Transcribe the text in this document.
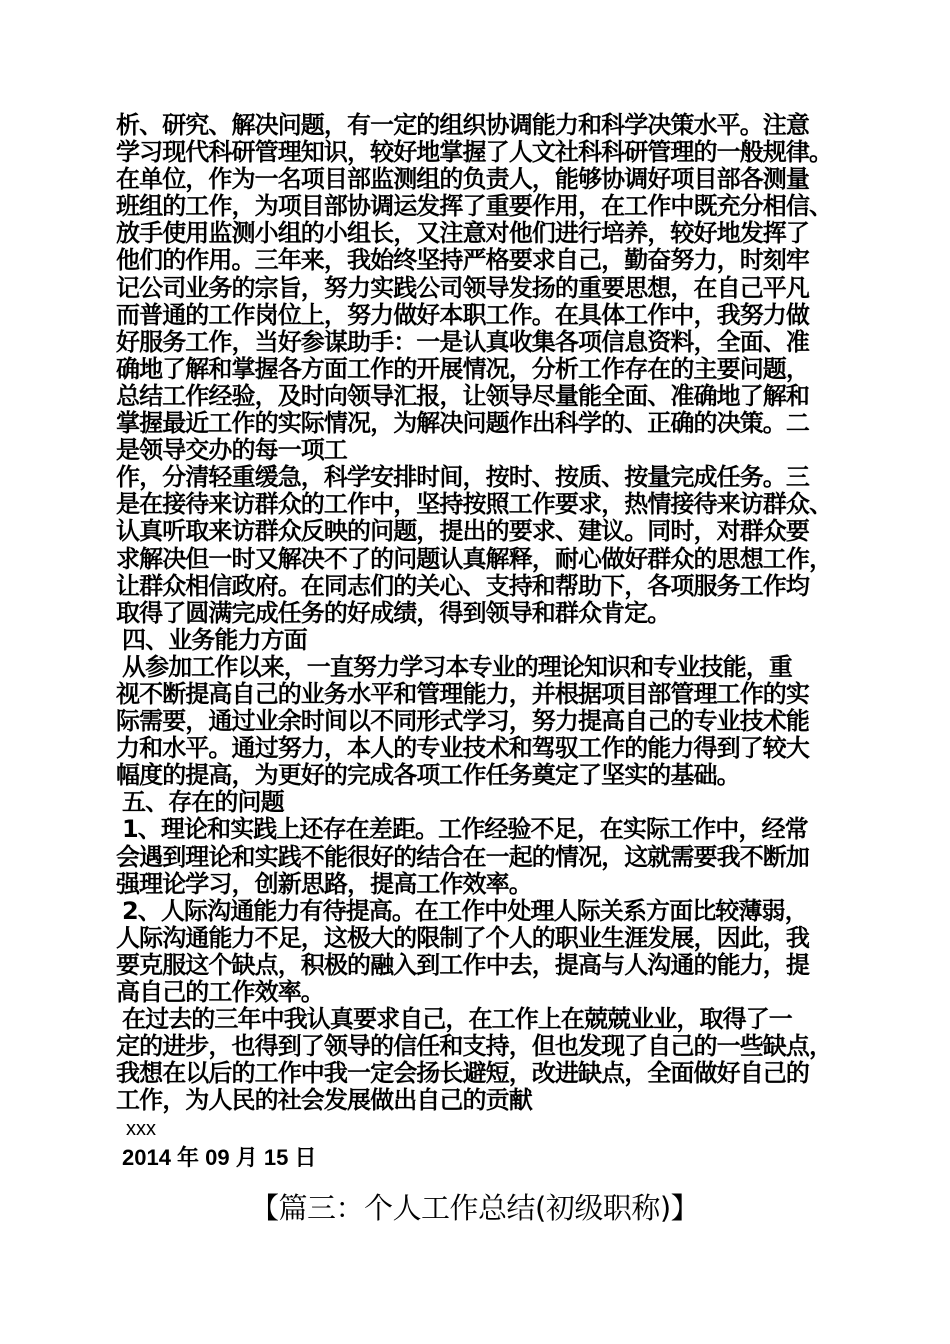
析、研究、解决问题，有一定的组织协调能力和科学决策水平。注意

学习现代科研管理知识，较好地掌握了人文社科科研管理的一般规律。

在单位，作为一名项目部监测组的负责人，能够协调好项目部各测量

班组的工作，为项目部协调运发挥了重要作用，在工作中既充分相信、

放手使用监测小组的小组长，又注意对他们进行培养，较好地发挥了

他们的作用。三年来，我始终坚持严格要求自己，勤奋努力，时刻牢

记公司业务的宗旨，努力实践公司领导发扬的重要思想，在自己平凡

而普通的工作岗位上，努力做好本职工作。在具体工作中，我努力做

好服务工作，当好参谋助手：一是认真收集各项信息资料，全面、准

确地了解和掌握各方面工作的开展情况，分析工作存在的主要问题，

总结工作经验，及时向领导汇报，让领导尽量能全面、准确地了解和

掌握最近工作的实际情况，为解决问题作出科学的、正确的决策。二

是领导交办的每一项工

作，分清轻重缓急，科学安排时间，按时、按质、按量完成任务。三

是在接待来访群众的工作中，坚持按照工作要求，热情接待来访群众、

认真听取来访群众反映的问题，提出的要求、建议。同时，对群众要

求解决但一时又解决不了的问题认真解释，耐心做好群众的思想工作，

让群众相信政府。在同志们的关心、支持和帮助下，各项服务工作均

取得了圆满完成任务的好成绩，得到领导和群众肯定。

四、业务能力方面

从参加工作以来，一直努力学习本专业的理论知识和专业技能，重

视不断提高自己的业务水平和管理能力，并根据项目部管理工作的实

际需要，通过业余时间以不同形式学习，努力提高自己的专业技术能

力和水平。通过努力，本人的专业技术和驾驭工作的能力得到了较大

幅度的提高，为更好的完成各项工作任务奠定了坚实的基础。

五、存在的问题

1、理论和实践上还存在差距。工作经验不足，在实际工作中，经常

会遇到理论和实践不能很好的结合在一起的情况，这就需要我不断加

强理论学习，创新思路，提高工作效率。

2、人际沟通能力有待提高。在工作中处理人际关系方面比较薄弱，

人际沟通能力不足，这极大的限制了个人的职业生涯发展，因此，我

要克服这个缺点，积极的融入到工作中去，提高与人沟通的能力，提

高自己的工作效率。

在过去的三年中我认真要求自己，在工作上在兢兢业业，取得了一

定的进步，也得到了领导的信任和支持，但也发现了自己的一些缺点，

我想在以后的工作中我一定会扬长避短，改进缺点，全面做好自己的

工作，为人民的社会发展做出自己的贡献

xxx

2014 年 09 月 15 日

【篇三：个人工作总结(初级职称)】
